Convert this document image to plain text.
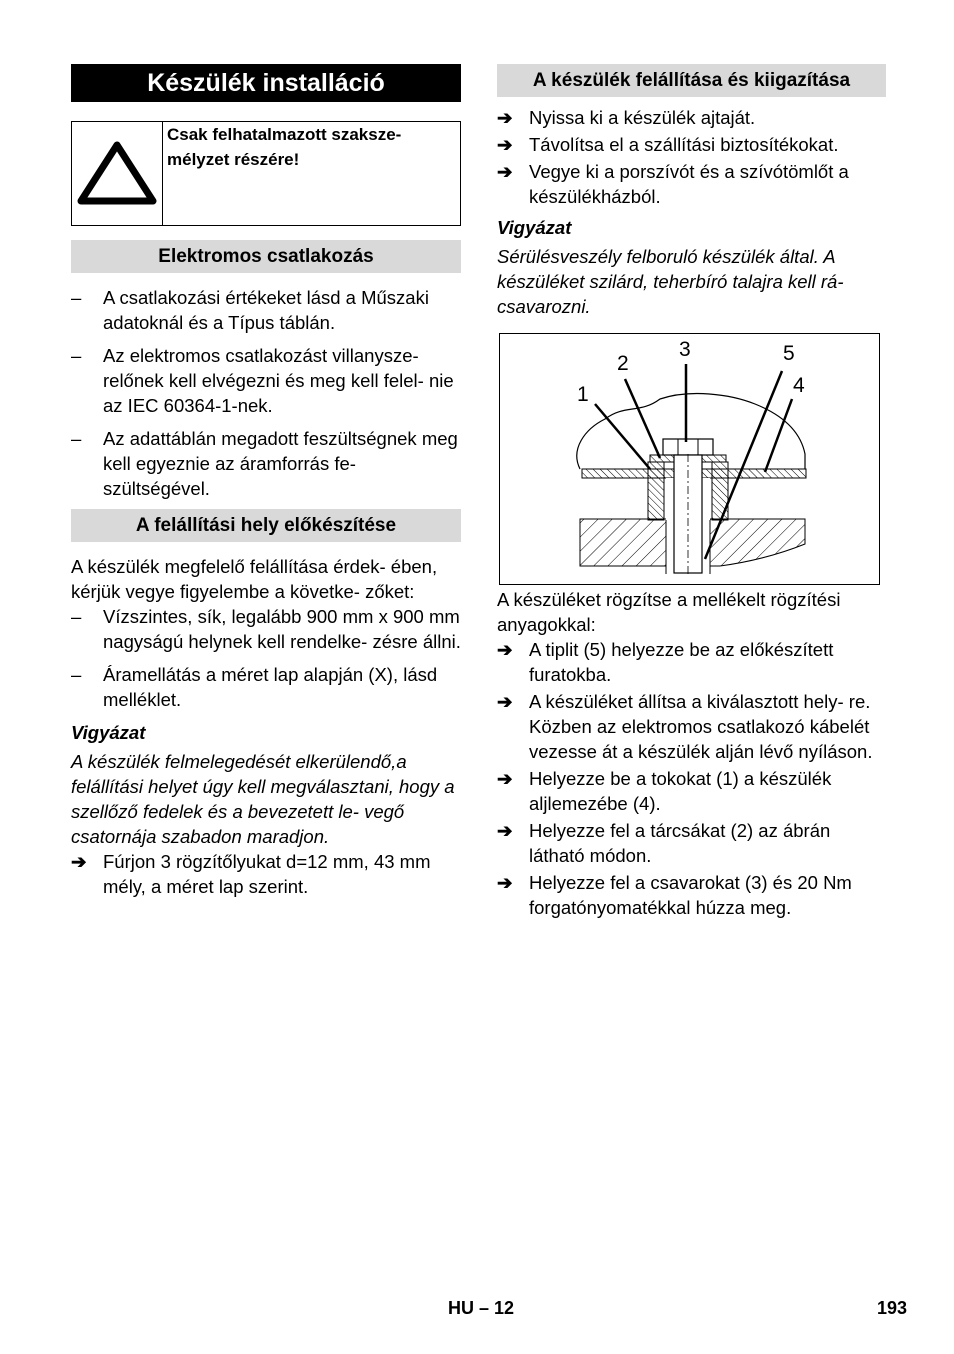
Készülék installáció
Csak felhatalmazott szaksze- mélyzet részére!
Elektromos csatlakozás
–	A csatlakozási értékeket lásd a Műszaki adatoknál és a Típus táblán.
–	Az elektromos csatlakozást villanysze- relőnek kell elvégezni és meg kell felel- nie az IEC 60364-1-nek.
–	Az adattáblán megadott feszültségnek meg kell egyeznie az áramforrás fe- szültségével.
A felállítási hely előkészítése

A készülék megfelelő felállítása érdek- ében, kérjük vegye figyelembe a követke- zőket:

–	Vízszintes, sík, legalább 900 mm x 900 mm nagyságú helynek kell rendelke- zésre állni.
–	Áramellátás a méret lap alapján (X), lásd melléklet.

Vigyázat

A készülék felmelegedését elkerülendő,a felállítási helyet úgy kell megválasztani, hogy a szellőző fedelek és a bevezetett le- vegő csatornája szabadon maradjon.

➔ Fúrjon 3 rögzítőlyukat d=12 mm, 43 mm mély, a méret lap szerint.
A készülék felállítása és kiigazítása
➔ Nyissa ki a készülék ajtaját.
➔ Távolítsa el a szállítási biztosítékokat.
➔ Vegye ki a porszívót és a szívótömlőt a készülékházból.

Vigyázat

Sérülésveszély felboruló készülék által. A készüléket szilárd, teherbíró talajra kell rá- csavarozni.

1
2
3
4
5

A készüléket rögzítse a mellékelt rögzítési anyagokkal:

➔ A tiplit (5) helyezze be az előkészített furatokba.
➔ A készüléket állítsa a kiválasztott hely- re. Közben az elektromos csatlakozó kábelét vezesse át a készülék alján lévő nyíláson.
➔ Helyezze be a tokokat (1) a készülék aljlemezébe (4).
➔ Helyezze fel a tárcsákat (2) az ábrán látható módon.
➔ Helyezze fel a csavarokat (3) és 20 Nm forgatónyomatékkal húzza meg.
HU – 12	193
